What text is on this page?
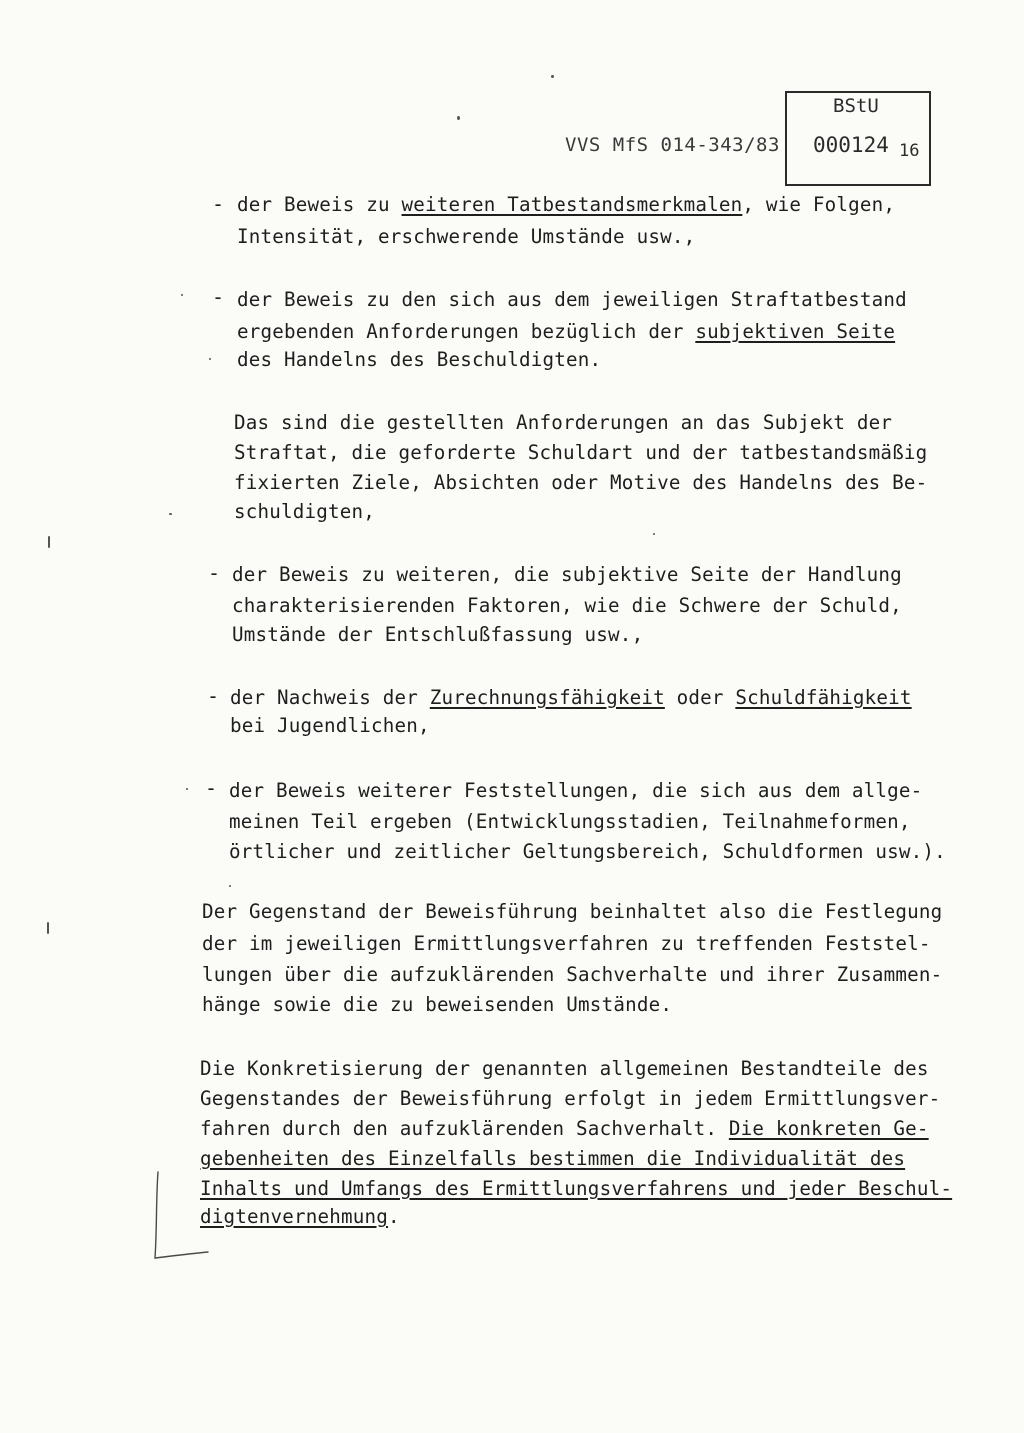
VVS MfS 014-343/83
BStU
000124 16
- der Beweis zu weiteren Tatbestandsmerkmalen, wie Folgen,
Intensität, erschwerende Umstände usw.,
- der Beweis zu den sich aus dem jeweiligen Straftatbestand
ergebenden Anforderungen bezüglich der subjektiven Seite
des Handelns des Beschuldigten.
Das sind die gestellten Anforderungen an das Subjekt der
Straftat, die geforderte Schuldart und der tatbestandsmäßig
fixierten Ziele, Absichten oder Motive des Handelns des Be-
schuldigten,
- der Beweis zu weiteren, die subjektive Seite der Handlung
charakterisierenden Faktoren, wie die Schwere der Schuld,
Umstände der Entschlußfassung usw.,
- der Nachweis der Zurechnungsfähigkeit oder Schuldfähigkeit
bei Jugendlichen,
- der Beweis weiterer Feststellungen, die sich aus dem allge-
meinen Teil ergeben (Entwicklungsstadien, Teilnahmeformen,
örtlicher und zeitlicher Geltungsbereich, Schuldformen usw.).
Der Gegenstand der Beweisführung beinhaltet also die Festlegung
der im jeweiligen Ermittlungsverfahren zu treffenden Feststel-
lungen über die aufzuklärenden Sachverhalte und ihrer Zusammen-
hänge sowie die zu beweisenden Umstände.
Die Konkretisierung der genannten allgemeinen Bestandteile des
Gegenstandes der Beweisführung erfolgt in jedem Ermittlungsver-
fahren durch den aufzuklärenden Sachverhalt. Die konkreten Ge-
gebenheiten des Einzelfalls bestimmen die Individualität des
Inhalts und Umfangs des Ermittlungsverfahrens und jeder Beschul-
digtenvernehmung.
